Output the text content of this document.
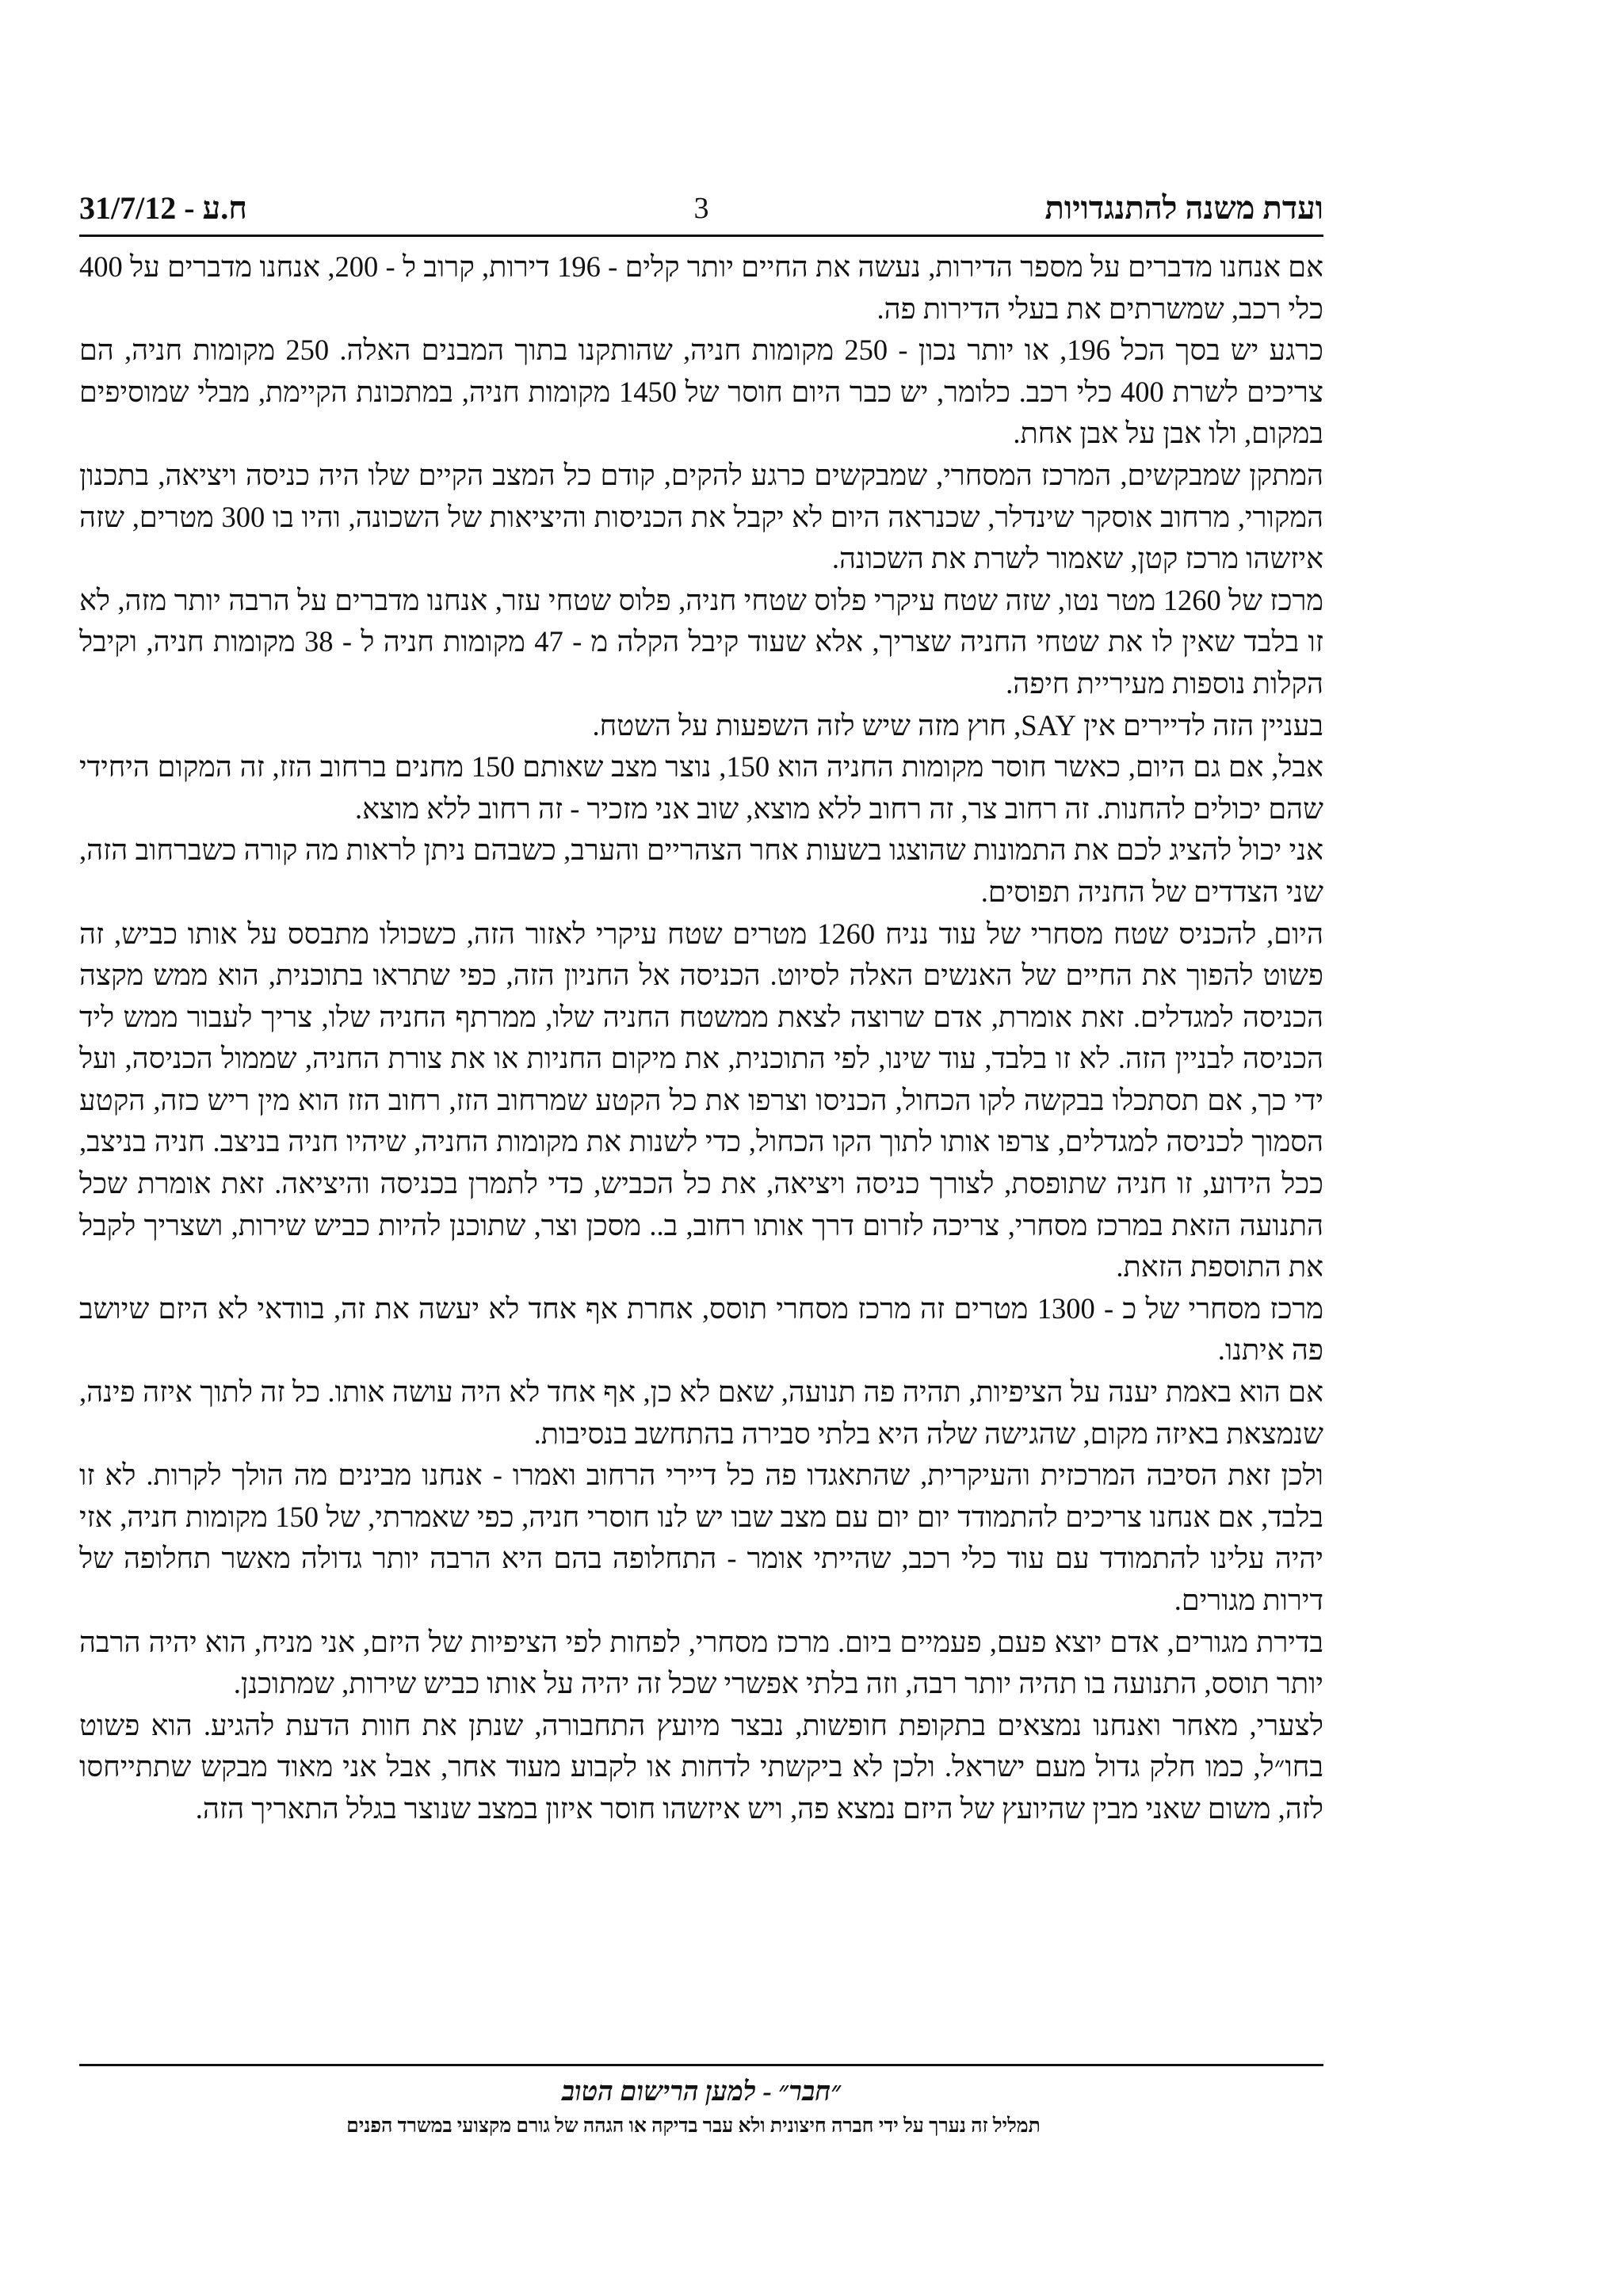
ועדת משנה להתנגדויות
3
ח.ע - 31/7/12

אם אנחנו מדברים על מספר הדירות, נעשה את החיים יותר קלים - 196 דירות, קרוב ל - 200, אנחנו מדברים על 400 כלי רכב, שמשרתים את בעלי הדירות פה.

כרגע יש בסך הכל 196, או יותר נכון - 250 מקומות חניה, שהותקנו בתוך המבנים האלה. 250 מקומות חניה, הם צריכים לשרת 400 כלי רכב. כלומר, יש כבר היום חוסר של 1450 מקומות חניה, במתכונת הקיימת, מבלי שמוסיפים במקום, ולו אבן על אבן אחת.

המתקן שמבקשים, המרכז המסחרי, שמבקשים כרגע להקים, קודם כל המצב הקיים שלו היה כניסה ויציאה, בתכנון המקורי, מרחוב אוסקר שינדלר, שכנראה היום לא יקבל את הכניסות והיציאות של השכונה, והיו בו 300 מטרים, שזה איזשהו מרכז קטן, שאמור לשרת את השכונה.

מרכז של 1260 מטר נטו, שזה שטח עיקרי פלוס שטחי חניה, פלוס שטחי עזר, אנחנו מדברים על הרבה יותר מזה, לא זו בלבד שאין לו את שטחי החניה שצריך, אלא שעוד קיבל הקלה מ - 47 מקומות חניה ל - 38 מקומות חניה, וקיבל הקלות נוספות מעיריית חיפה.

בעניין הזה לדיירים אין SAY, חוץ מזה שיש לזה השפעות על השטח.

אבל, אם גם היום, כאשר חוסר מקומות החניה הוא 150, נוצר מצב שאותם 150 מחנים ברחוב הזז, זה המקום היחידי שהם יכולים להחנות. זה רחוב צר, זה רחוב ללא מוצא, שוב אני מזכיר - זה רחוב ללא מוצא.

אני יכול להציג לכם את התמונות שהוצגו בשעות אחר הצהריים והערב, כשבהם ניתן לראות מה קורה כשברחוב הזה, שני הצדדים של החניה תפוסים.

היום, להכניס שטח מסחרי של עוד נניח 1260 מטרים שטח עיקרי לאזור הזה, כשכולו מתבסס על אותו כביש, זה פשוט להפוך את החיים של האנשים האלה לסיוט. הכניסה אל החניון הזה, כפי שתראו בתוכנית, הוא ממש מקצה הכניסה למגדלים. זאת אומרת, אדם שרוצה לצאת ממשטח החניה שלו, ממרתף החניה שלו, צריך לעבור ממש ליד הכניסה לבניין הזה. לא זו בלבד, עוד שינו, לפי התוכנית, את מיקום החניות או את צורת החניה, שממול הכניסה, ועל ידי כך, אם תסתכלו בבקשה לקו הכחול, הכניסו וצרפו את כל הקטע שמרחוב הזז, רחוב הזז הוא מין ריש כזה, הקטע הסמוך לכניסה למגדלים, צרפו אותו לתוך הקו הכחול, כדי לשנות את מקומות החניה, שיהיו חניה בניצב. חניה בניצב, ככל הידוע, זו חניה שתופסת, לצורך כניסה ויציאה, את כל הכביש, כדי לתמרן בכניסה והיציאה. זאת אומרת שכל התנועה הזאת במרכז מסחרי, צריכה לזרום דרך אותו רחוב, ב.. מסכן וצר, שתוכנן להיות כביש שירות, ושצריך לקבל את התוספת הזאת.

מרכז מסחרי של כ - 1300 מטרים זה מרכז מסחרי תוסס, אחרת אף אחד לא יעשה את זה, בוודאי לא היזם שיושב פה איתנו.

אם הוא באמת יענה על הציפיות, תהיה פה תנועה, שאם לא כן, אף אחד לא היה עושה אותו. כל זה לתוך איזה פינה, שנמצאת באיזה מקום, שהגישה שלה היא בלתי סבירה בהתחשב בנסיבות.

ולכן זאת הסיבה המרכזית והעיקרית, שהתאגדו פה כל דיירי הרחוב ואמרו - אנחנו מבינים מה הולך לקרות. לא זו בלבד, אם אנחנו צריכים להתמודד יום יום עם מצב שבו יש לנו חוסרי חניה, כפי שאמרתי, של 150 מקומות חניה, אזי יהיה עלינו להתמודד עם עוד כלי רכב, שהייתי אומר - התחלופה בהם היא הרבה יותר גדולה מאשר תחלופה של דירות מגורים.

בדירת מגורים, אדם יוצא פעם, פעמיים ביום. מרכז מסחרי, לפחות לפי הציפיות של היזם, אני מניח, הוא יהיה הרבה יותר תוסס, התנועה בו תהיה יותר רבה, וזה בלתי אפשרי שכל זה יהיה על אותו כביש שירות, שמתוכנן.

לצערי, מאחר ואנחנו נמצאים בתקופת חופשות, נבצר מיועץ התחבורה, שנתן את חוות הדעת להגיע. הוא פשוט בחו״ל, כמו חלק גדול מעם ישראל. ולכן לא ביקשתי לדחות או לקבוע מעוד אחר, אבל אני מאוד מבקש שתתייחסו לזה, משום שאני מבין שהיועץ של היזם נמצא פה, ויש איזשהו חוסר איזון במצב שנוצר בגלל התאריך הזה.

״חבר״ - למען הרישום הטוב
תמליל זה נערך על ידי חברה חיצונית ולא עבר בדיקה או הגהה של גורם מקצועי במשרד הפנים
